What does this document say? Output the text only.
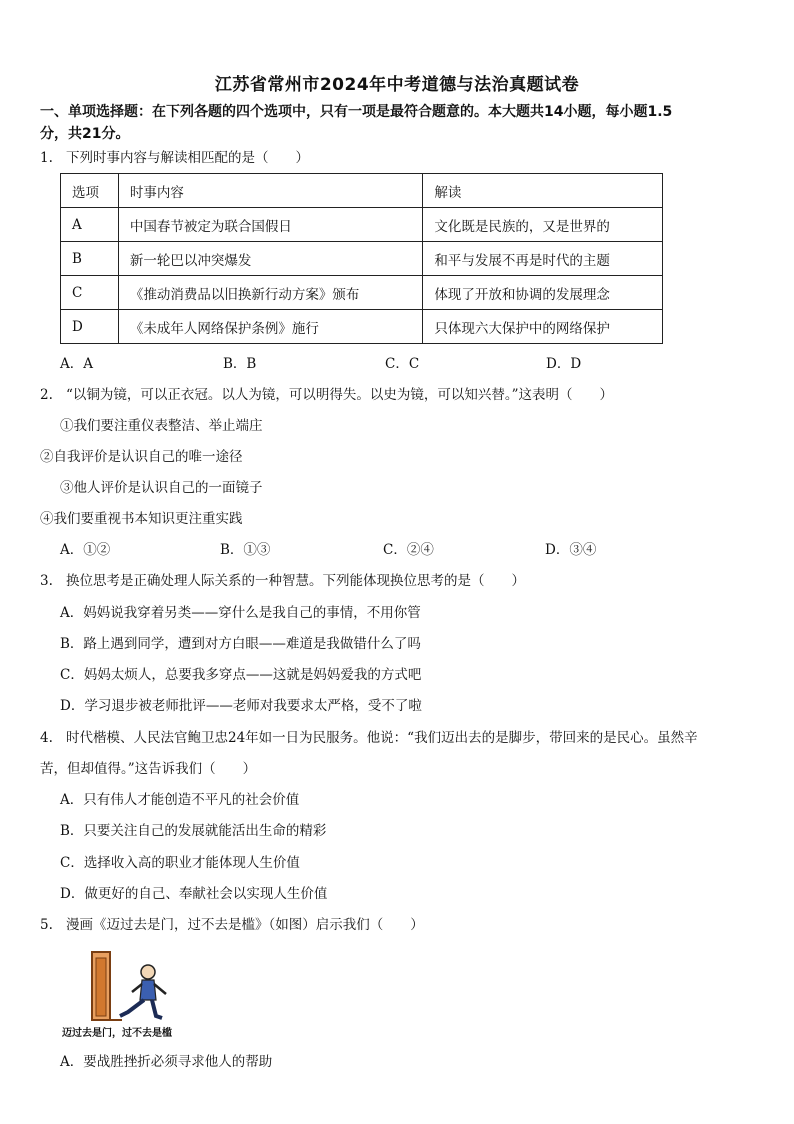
江苏省常州市2024年中考道德与法治真题试卷
一、单项选择题：在下列各题的四个选项中，只有一项是最符合题意的。本大题共14小题，每小题1.5
分，共21分。
1. 下列时事内容与解读相匹配的是（　　）
选项	时事内容	解读
A	中国春节被定为联合国假日	文化既是民族的，又是世界的
B	新一轮巴以冲突爆发	和平与发展不再是时代的主题
C	《推动消费品以旧换新行动方案》颁布	体现了开放和协调的发展理念
D	《未成年人网络保护条例》施行	只体现六大保护中的网络保护
A．A	B．B	C．C	D．D
2. “以铜为镜，可以正衣冠。以人为镜，可以明得失。以史为镜，可以知兴替。”这表明（　　）
①我们要注重仪表整洁、举止端庄
②自我评价是认识自己的唯一途径
③他人评价是认识自己的一面镜子
④我们要重视书本知识更注重实践
A．①②	B．①③	C．②④	D．③④
3. 换位思考是正确处理人际关系的一种智慧。下列能体现换位思考的是（　　）
A．妈妈说我穿着另类——穿什么是我自己的事情，不用你管
B．路上遇到同学，遭到对方白眼——难道是我做错什么了吗
C．妈妈太烦人，总要我多穿点——这就是妈妈爱我的方式吧
D．学习退步被老师批评——老师对我要求太严格，受不了啦
4. 时代楷模、人民法官鲍卫忠24年如一日为民服务。他说：“我们迈出去的是脚步，带回来的是民心。虽然辛
苦，但却值得。”这告诉我们（　　）
A．只有伟人才能创造不平凡的社会价值
B．只要关注自己的发展就能活出生命的精彩
C．选择收入高的职业才能体现人生价值
D．做更好的自己、奉献社会以实现人生价值
5. 漫画《迈过去是门，过不去是槛》（如图）启示我们（　　）
迈过去是门，过不去是槛
A．要战胜挫折必须寻求他人的帮助
